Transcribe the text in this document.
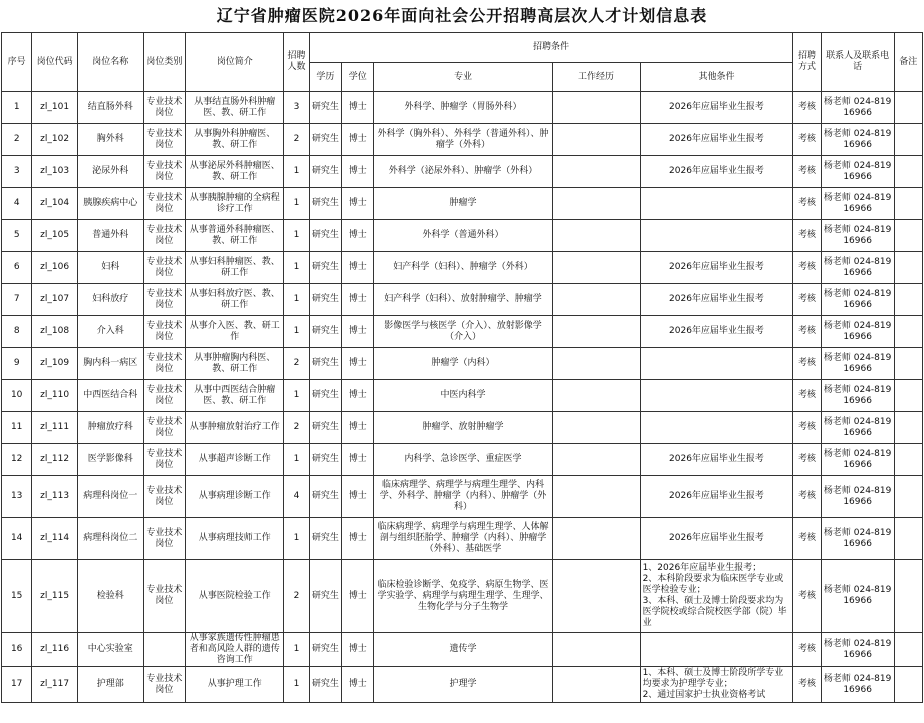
辽宁省肿瘤医院2026年面向社会公开招聘高层次人才计划信息表
序号	岗位代码	岗位名称	岗位类别	岗位简介	招聘人数	招聘条件					招聘方式	联系人及联系电话	备注
						学历	学位	专业	工作经历	其他条件			
1	zl_101	结直肠外科	专业技术岗位	从事结直肠外科肿瘤医、教、研工作	3	研究生	博士	外科学、肿瘤学（胃肠外科）		2026年应届毕业生报考	考核	杨老师 024-81916966	
2	zl_102	胸外科	专业技术岗位	从事胸外科肿瘤医、教、研工作	2	研究生	博士	外科学（胸外科）、外科学（普通外科）、肿瘤学（外科）		2026年应届毕业生报考	考核	杨老师 024-81916966	
3	zl_103	泌尿外科	专业技术岗位	从事泌尿外科肿瘤医、教、研工作	1	研究生	博士	外科学（泌尿外科）、肿瘤学（外科）		2026年应届毕业生报考	考核	杨老师 024-81916966	
4	zl_104	胰腺疾病中心	专业技术岗位	从事胰腺肿瘤的全病程诊疗工作	1	研究生	博士	肿瘤学			考核	杨老师 024-81916966	
5	zl_105	普通外科	专业技术岗位	从事普通外科肿瘤医、教、研工作	1	研究生	博士	外科学（普通外科）			考核	杨老师 024-81916966	
6	zl_106	妇科	专业技术岗位	从事妇科肿瘤医、教、研工作	1	研究生	博士	妇产科学（妇科）、肿瘤学（外科）		2026年应届毕业生报考	考核	杨老师 024-81916966	
7	zl_107	妇科放疗	专业技术岗位	从事妇科放疗医、教、研工作	1	研究生	博士	妇产科学（妇科）、放射肿瘤学、肿瘤学		2026年应届毕业生报考	考核	杨老师 024-81916966	
8	zl_108	介入科	专业技术岗位	从事介入医、教、研工作	1	研究生	博士	影像医学与核医学（介入）、放射影像学（介入）		2026年应届毕业生报考	考核	杨老师 024-81916966	
9	zl_109	胸内科一病区	专业技术岗位	从事肿瘤胸内科医、教、研工作	2	研究生	博士	肿瘤学（内科）			考核	杨老师 024-81916966	
10	zl_110	中西医结合科	专业技术岗位	从事中西医结合肿瘤医、教、研工作	1	研究生	博士	中医内科学			考核	杨老师 024-81916966	
11	zl_111	肿瘤放疗科	专业技术岗位	从事肿瘤放射治疗工作	2	研究生	博士	肿瘤学、放射肿瘤学			考核	杨老师 024-81916966	
12	zl_112	医学影像科	专业技术岗位	从事超声诊断工作	1	研究生	博士	内科学、急诊医学、重症医学		2026年应届毕业生报考	考核	杨老师 024-81916966	
13	zl_113	病理科岗位一	专业技术岗位	从事病理诊断工作	4	研究生	博士	临床病理学、病理学与病理生理学、内科学、外科学、肿瘤学（内科）、肿瘤学（外科）		2026年应届毕业生报考	考核	杨老师 024-81916966	
14	zl_114	病理科岗位二	专业技术岗位	从事病理技师工作	1	研究生	博士	临床病理学、病理学与病理生理学、人体解剖与组织胚胎学、肿瘤学（内科）、肿瘤学（外科）、基础医学		2026年应届毕业生报考	考核	杨老师 024-81916966	
15	zl_115	检验科	专业技术岗位	从事医院检验工作	2	研究生	博士	临床检验诊断学、免疫学、病原生物学、医学实验学、病理学与病理生理学、生理学、生物化学与分子生物学		1、2026年应届毕业生报考；
2、本科阶段要求为临床医学专业或医学检验专业；
3、本科、硕士及博士阶段要求均为医学院校或综合院校医学部（院）毕业	考核	杨老师 024-81916966	
16	zl_116	中心实验室		从事家族遗传性肿瘤患者和高风险人群的遗传咨询工作	1	研究生	博士	遗传学			考核	杨老师 024-81916966	
17	zl_117	护理部	专业技术岗位	从事护理工作	1	研究生	博士	护理学		1、本科、硕士及博士阶段所学专业均要求为护理学专业；
2、通过国家护士执业资格考试	考核	杨老师 024-81916966	
